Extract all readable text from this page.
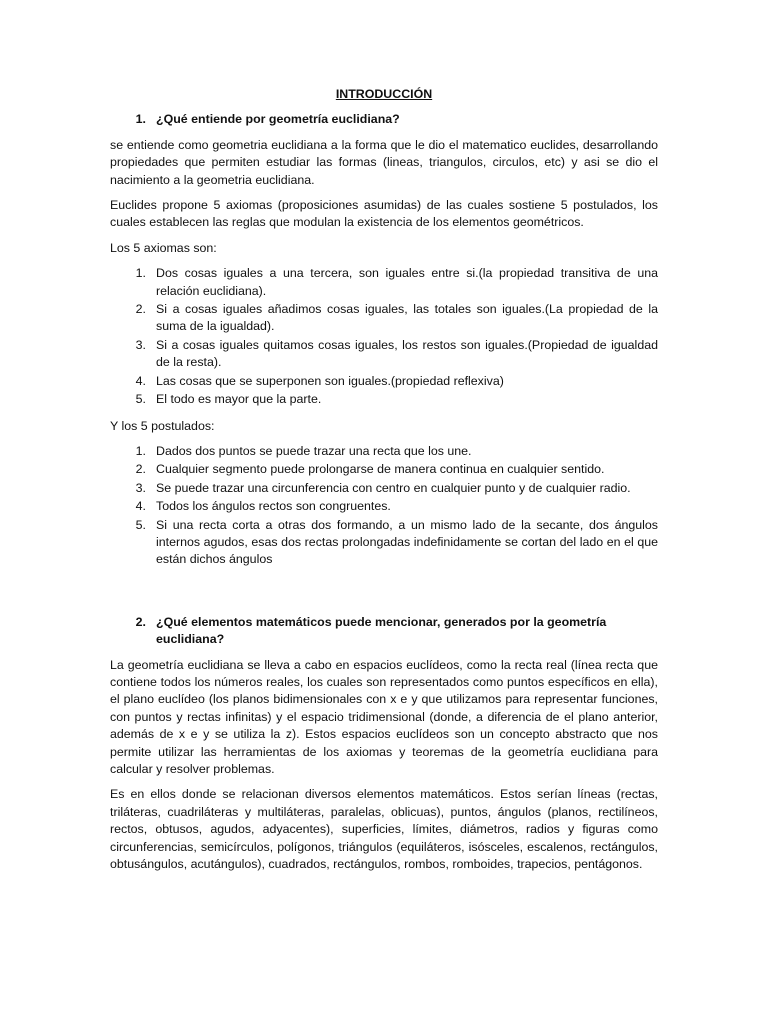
INTRODUCCIÓN
1. ¿Qué entiende por geometría euclidiana?

se entiende como geometria euclidiana a la forma que le dio el matematico euclides, desarrollando propiedades que permiten estudiar las formas (lineas, triangulos, circulos, etc) y asi se dio el nacimiento a la geometria euclidiana.

Euclides propone 5 axiomas (proposiciones asumidas) de las cuales sostiene 5 postulados, los cuales establecen las reglas que modulan la existencia de los elementos geométricos.

Los 5 axiomas son:

1. Dos cosas iguales a una tercera, son iguales entre si.(la propiedad transitiva de una relación euclidiana).
2. Si a cosas iguales añadimos cosas iguales, las totales son iguales.(La propiedad de la suma de la igualdad).
3. Si a cosas iguales quitamos cosas iguales, los restos son iguales.(Propiedad de igualdad de la resta).
4. Las cosas que se superponen son iguales.(propiedad reflexiva)
5. El todo es mayor que la parte.

Y los 5 postulados:

1. Dados dos puntos se puede trazar una recta que los une.
2. Cualquier segmento puede prolongarse de manera continua en cualquier sentido.
3. Se puede trazar una circunferencia con centro en cualquier punto y de cualquier radio.
4. Todos los ángulos rectos son congruentes.
5. Si una recta corta a otras dos formando, a un mismo lado de la secante, dos ángulos internos agudos, esas dos rectas prolongadas indefinidamente se cortan del lado en el que están dichos ángulos
2. ¿Qué elementos matemáticos puede mencionar, generados por la geometría euclidiana?

La geometría euclidiana se lleva a cabo en espacios euclídeos, como la recta real (línea recta que contiene todos los números reales, los cuales son representados como puntos específicos en ella), el plano euclídeo (los planos bidimensionales con x e y que utilizamos para representar funciones, con puntos y rectas infinitas) y el espacio tridimensional (donde, a diferencia de el plano anterior, además de x e y se utiliza la z). Estos espacios euclídeos son un concepto abstracto que nos permite utilizar las herramientas de los axiomas y teoremas de la geometría euclidiana para calcular y resolver problemas.

Es en ellos donde se relacionan diversos elementos matemáticos. Estos serían líneas (rectas, triláteras, cuadriláteras y multiláteras, paralelas, oblicuas), puntos, ángulos (planos, rectilíneos, rectos, obtusos, agudos, adyacentes), superficies, límites, diámetros, radios y figuras como circunferencias, semicírculos, polígonos, triángulos (equiláteros, isósceles, escalenos, rectángulos, obtusángulos, acutángulos), cuadrados, rectángulos, rombos, romboides, trapecios, pentágonos.
